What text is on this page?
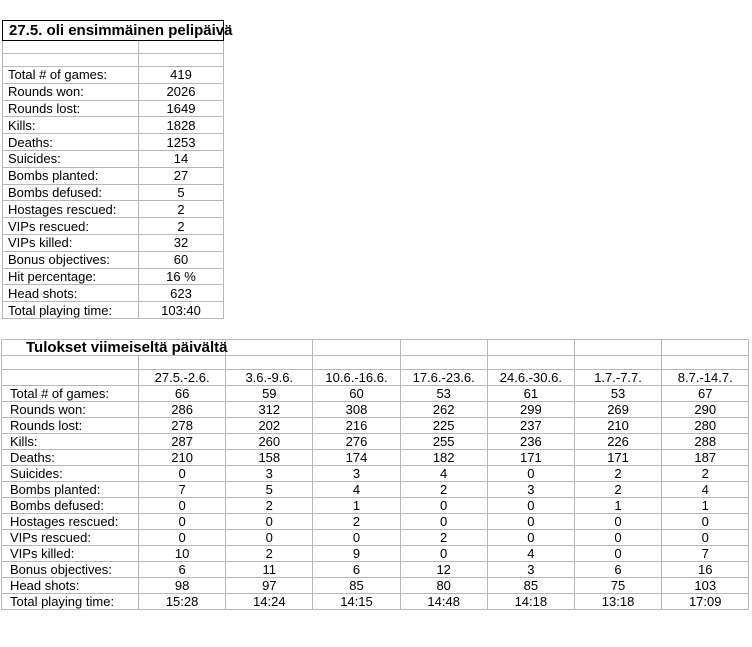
27.5. oli ensimmäinen pelipäivä	

Total # of games:	419
Rounds won:	2026
Rounds lost:	1649
Kills:	1828
Deaths:	1253
Suicides:	14
Bombs planted:	27
Bombs defused:	5
Hostages rescued:	2
VIPs rescued:	2
VIPs killed:	32
Bonus objectives:	60
Hit percentage:	16 %
Head shots:	623
Total playing time:	103:40
Tulokset viimeiseltä päivältä							

	27.5.-2.6.	3.6.-9.6.	10.6.-16.6.	17.6.-23.6.	24.6.-30.6.	1.7.-7.7.	8.7.-14.7.
Total # of games:	66	59	60	53	61	53	67
Rounds won:	286	312	308	262	299	269	290
Rounds lost:	278	202	216	225	237	210	280
Kills:	287	260	276	255	236	226	288
Deaths:	210	158	174	182	171	171	187
Suicides:	0	3	3	4	0	2	2
Bombs planted:	7	5	4	2	3	2	4
Bombs defused:	0	2	1	0	0	1	1
Hostages rescued:	0	0	2	0	0	0	0
VIPs rescued:	0	0	0	2	0	0	0
VIPs killed:	10	2	9	0	4	0	7
Bonus objectives:	6	11	6	12	3	6	16
Head shots:	98	97	85	80	85	75	103
Total playing time:	15:28	14:24	14:15	14:48	14:18	13:18	17:09
